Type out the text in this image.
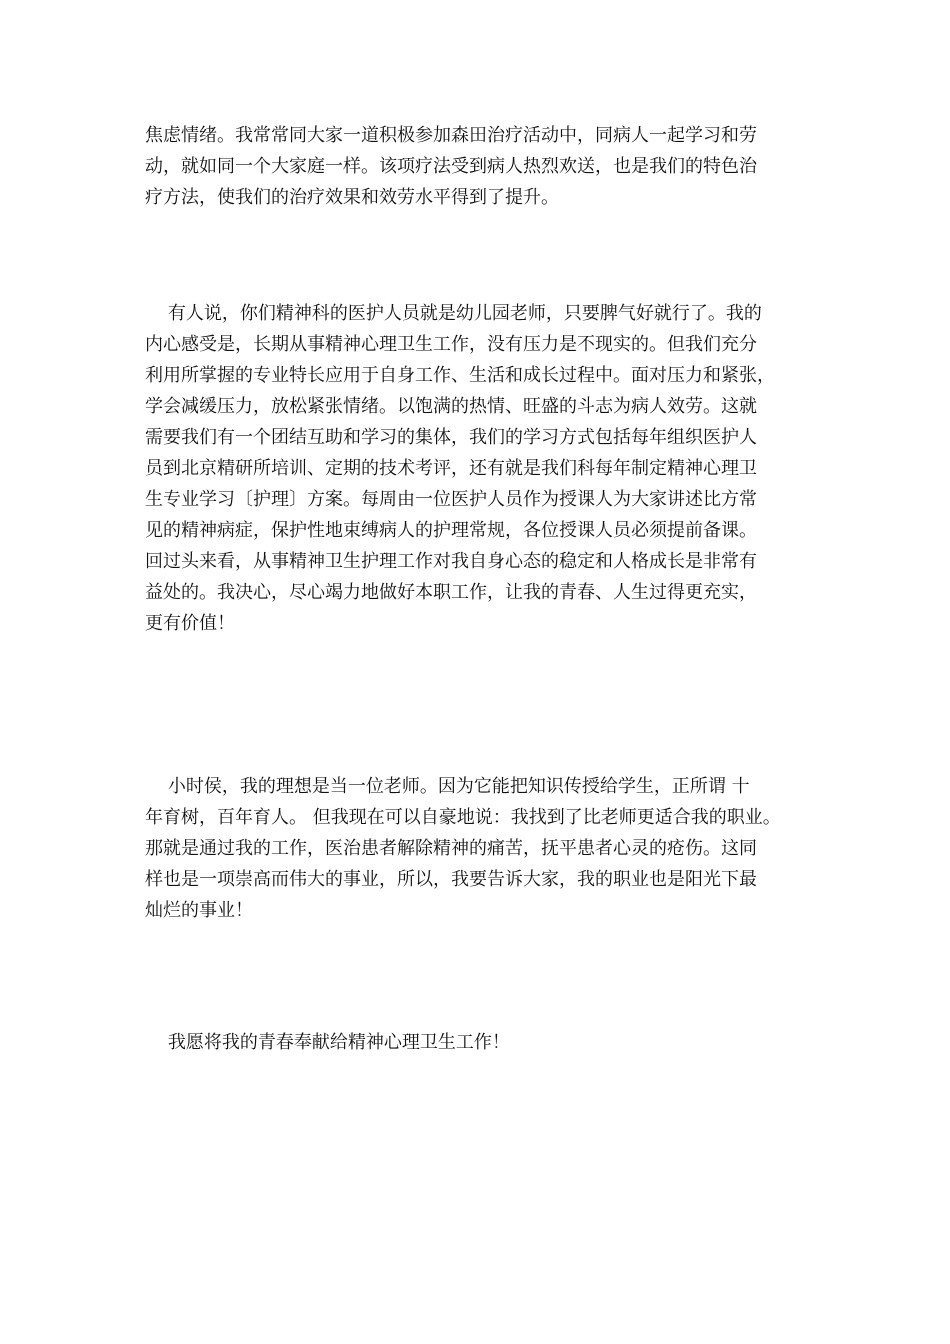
焦虑情绪。我常常同大家一道积极参加森田治疗活动中，同病人一起学习和劳
动，就如同一个大家庭一样。该项疗法受到病人热烈欢送，也是我们的特色治
疗方法，使我们的治疗效果和效劳水平得到了提升。
有人说，你们精神科的医护人员就是幼儿园老师，只要脾气好就行了。我的
内心感受是，长期从事精神心理卫生工作，没有压力是不现实的。但我们充分
利用所掌握的专业特长应用于自身工作、生活和成长过程中。面对压力和紧张，
学会减缓压力，放松紧张情绪。以饱满的热情、旺盛的斗志为病人效劳。这就
需要我们有一个团结互助和学习的集体，我们的学习方式包括每年组织医护人
员到北京精研所培训、定期的技术考评，还有就是我们科每年制定精神心理卫
生专业学习〔护理〕方案。每周由一位医护人员作为授课人为大家讲述比方常
见的精神病症，保护性地束缚病人的护理常规，各位授课人员必须提前备课。
回过头来看，从事精神卫生护理工作对我自身心态的稳定和人格成长是非常有
益处的。我决心，尽心竭力地做好本职工作，让我的青春、人生过得更充实，
更有价值！
小时侯，我的理想是当一位老师。因为它能把知识传授给学生，正所谓 十
年育树，百年育人。 但我现在可以自豪地说：我找到了比老师更适合我的职业。
那就是通过我的工作，医治患者解除精神的痛苦，抚平患者心灵的疮伤。这同
样也是一项崇高而伟大的事业，所以，我要告诉大家，我的职业也是阳光下最
灿烂的事业！
我愿将我的青春奉献给精神心理卫生工作！
